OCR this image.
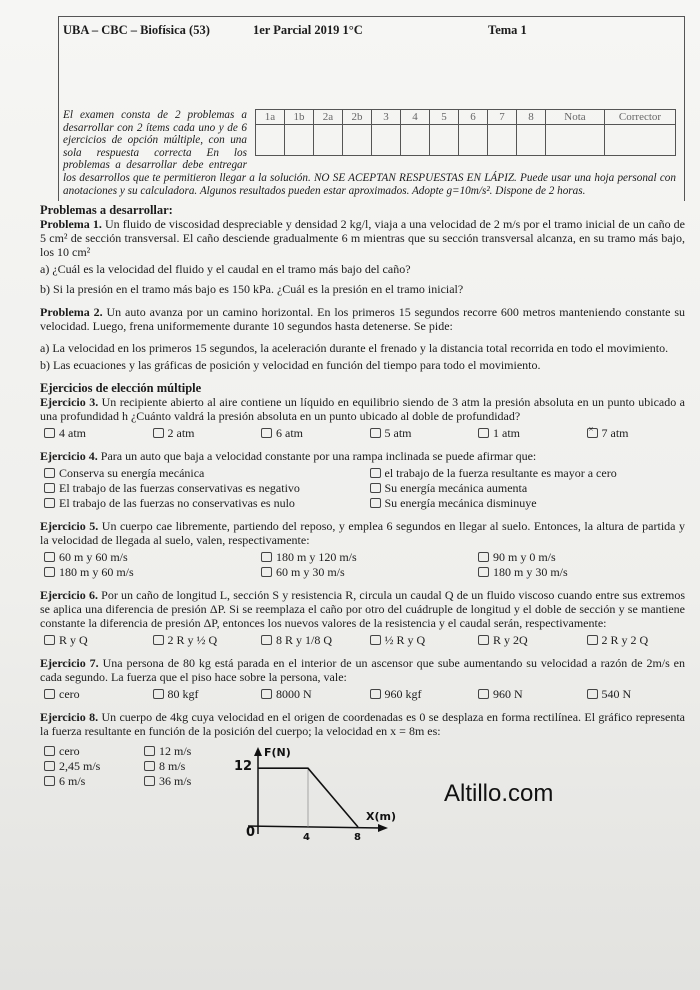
UBA – CBC – Biofísica (53)	1er Parcial 2019 1°C	Tema 1
1a	1b	2a	2b	3	4	5	6	7	8	Nota	Corrector

El examen consta de 2 problemas a desarrollar con 2 ítems cada uno y de 6 ejercicios de opción múltiple, con una sola respuesta correcta En los problemas a desarrollar debe entregar los desarrollos que te permitieron llegar a la solución. NO SE ACEPTAN RESPUESTAS EN LÁPIZ. Puede usar una hoja personal con anotaciones y su calculadora. Algunos resultados pueden estar aproximados. Adopte g=10m/s². Dispone de 2 horas.
Problemas a desarrollar:
Problema 1. Un fluido de viscosidad despreciable y densidad 2 kg/l, viaja a una velocidad de 2 m/s por el tramo inicial de un caño de 5 cm² de sección transversal. El caño desciende gradualmente 6 m mientras que su sección transversal alcanza, en su tramo más bajo, los 10 cm²
a) ¿Cuál es la velocidad del fluido y el caudal en el tramo más bajo del caño?
b) Si la presión en el tramo más bajo es 150 kPa. ¿Cuál es la presión en el tramo inicial?
Problema 2. Un auto avanza por un camino horizontal. En los primeros 15 segundos recorre 600 metros manteniendo constante su velocidad. Luego, frena uniformemente durante 10 segundos hasta detenerse. Se pide:
a) La velocidad en los primeros 15 segundos, la aceleración durante el frenado y la distancia total recorrida en todo el movimiento.
b) Las ecuaciones y las gráficas de posición y velocidad en función del tiempo para todo el movimiento.
Ejercicios de elección múltiple
Ejercicio 3. Un recipiente abierto al aire contiene un líquido en equilibrio siendo de 3 atm la presión absoluta en un punto ubicado a una profundidad h ¿Cuánto valdrá la presión absoluta en un punto ubicado al doble de profundidad?
4 atm	2 atm	6 atm	5 atm	1 atm ×	7 atm
Ejercicio 4. Para un auto que baja a velocidad constante por una rampa inclinada se puede afirmar que:
Conserva su energía mecánica	el trabajo de la fuerza resultante es mayor a cero
El trabajo de las fuerzas conservativas es negativo	Su energía mecánica aumenta
El trabajo de las fuerzas no conservativas es nulo	Su energía mecánica disminuye
Ejercicio 5. Un cuerpo cae libremente, partiendo del reposo, y emplea 6 segundos en llegar al suelo. Entonces, la altura de partida y la velocidad de llegada al suelo, valen, respectivamente:
60 m y 60 m/s	180 m y 120 m/s	90 m y 0 m/s
180 m y 60 m/s	60 m y 30 m/s	180 m y 30 m/s
Ejercicio 6. Por un caño de longitud L, sección S y resistencia R, circula un caudal Q de un fluido viscoso cuando entre sus extremos se aplica una diferencia de presión ΔP. Si se reemplaza el caño por otro del cuádruple de longitud y el doble de sección y se mantiene constante la diferencia de presión ΔP, entonces los nuevos valores de la resistencia y el caudal serán, respectivamente:
R y Q	2 R y ½ Q	8 R y 1/8 Q	½ R y Q	R y 2Q	2 R y 2 Q
Ejercicio 7. Una persona de 80 kg está parada en el interior de un ascensor que sube aumentando su velocidad a razón de 2m/s en cada segundo. La fuerza que el piso hace sobre la persona, vale:
cero	80 kgf	8000 N	960 kgf	960 N	540 N
Ejercicio 8. Un cuerpo de 4kg cuya velocidad en el origen de coordenadas es 0 se desplaza en forma rectilínea. El gráfico representa la fuerza resultante en función de la posición del cuerpo; la velocidad en x = 8m es:
cero	12 m/s
2,45 m/s	8 m/s
6 m/s	36 m/s
12
0
F(N)
X(m)
4	8
Altillo.com
